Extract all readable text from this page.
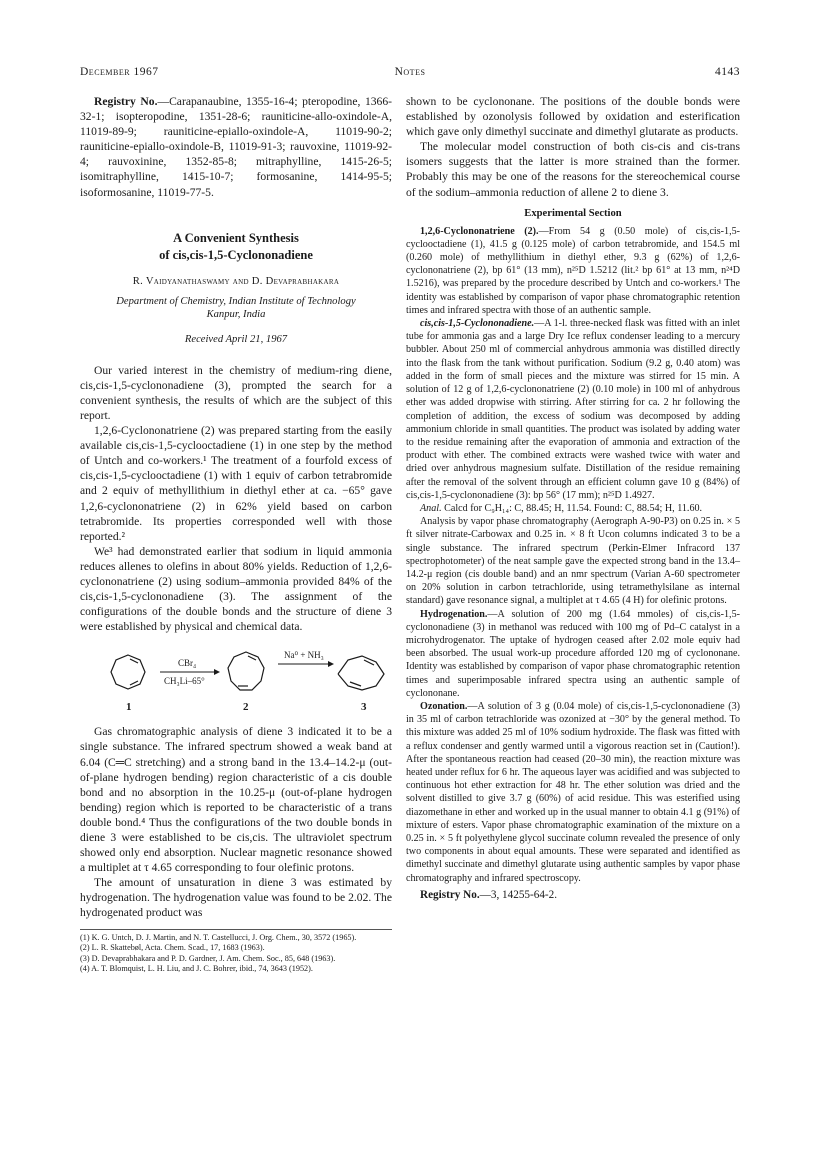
December 1967	Notes	4143

Registry No.—Carapanaubine, 1355-16-4; pteropodine, 1366-32-1; isopteropodine, 1351-28-6; rauniticine-allo-oxindole-A, 11019-89-9; rauniticine-epiallo-oxindole-A, 11019-90-2; rauniticine-epiallo-oxindole-B, 11019-91-3; rauvoxine, 11019-92-4; rauvoxinine, 1352-85-8; mitraphylline, 1415-26-5; isomitraphylline, 1415-10-7; formosanine, 1414-95-5; isoformosanine, 11019-77-5.

A Convenient Synthesis
of cis,cis-1,5-Cyclononadiene
R. Vaidyanathaswamy and D. Devaprabhakara
Department of Chemistry, Indian Institute of Technology
Kanpur, India
Received April 21, 1967

Our varied interest in the chemistry of medium-ring diene, cis,cis-1,5-cyclononadiene (3), prompted the search for a convenient synthesis, the results of which are the subject of this report.

1,2,6-Cyclononatriene (2) was prepared starting from the easily available cis,cis-1,5-cyclooctadiene (1) in one step by the method of Untch and co-workers.¹ The treatment of a fourfold excess of cis,cis-1,5-cyclooctadiene (1) with 1 equiv of carbon tetrabromide and 2 equiv of methyllithium in diethyl ether at ca. −65° gave 1,2,6-cyclononatriene (2) in 62% yield based on carbon tetrabromide. Its properties corresponded well with those reported.²

We³ had demonstrated earlier that sodium in liquid ammonia reduces allenes to olefins in about 80% yields. Reduction of 1,2,6-cyclononatriene (2) using sodium–ammonia provided 84% of the cis,cis-1,5-cyclononadiene (3). The assignment of the configurations of the double bonds and the structure of diene 3 were established by physical and chemical data.

1
CBr₄
CH₃Li–65°
2
Na⁰ + NH₃
3

Gas chromatographic analysis of diene 3 indicated it to be a single substance. The infrared spectrum showed a weak band at 6.04 (C═C stretching) and a strong band in the 13.4–14.2-μ (out-of-plane hydrogen bending) region characteristic of a cis double bond and no absorption in the 10.25-μ (out-of-plane hydrogen bending) region which is reported to be characteristic of a trans double bond.⁴ Thus the configurations of the two double bonds in diene 3 were established to be cis,cis. The ultraviolet spectrum showed only end absorption. Nuclear magnetic resonance showed a multiplet at τ 4.65 corresponding to four olefinic protons.

The amount of unsaturation in diene 3 was estimated by hydrogenation. The hydrogenation value was found to be 2.02. The hydrogenated product was

(1) K. G. Untch, D. J. Martin, and N. T. Castellucci, J. Org. Chem., 30, 3572 (1965).
(2) L. R. Skattebøl, Acta. Chem. Scad., 17, 1683 (1963).
(3) D. Devaprabhakara and P. D. Gardner, J. Am. Chem. Soc., 85, 648 (1963).
(4) A. T. Blomquist, L. H. Liu, and J. C. Bohrer, ibid., 74, 3643 (1952).

shown to be cyclononane. The positions of the double bonds were established by ozonolysis followed by oxidation and esterification which gave only dimethyl succinate and dimethyl glutarate as products.

The molecular model construction of both cis-cis and cis-trans isomers suggests that the latter is more strained than the former. Probably this may be one of the reasons for the stereochemical course of the sodium–ammonia reduction of allene 2 to diene 3.

Experimental Section

1,2,6-Cyclononatriene (2).—From 54 g (0.50 mole) of cis,cis-1,5-cyclooctadiene (1), 41.5 g (0.125 mole) of carbon tetrabromide, and 154.5 ml (0.260 mole) of methyllithium in diethyl ether, 9.3 g (62%) of 1,2,6-cyclononatriene (2), bp 61° (13 mm), n²⁵D 1.5212 (lit.² bp 61° at 13 mm, n²⁴D 1.5216), was prepared by the procedure described by Untch and co-workers.¹ The identity was established by comparison of vapor phase chromatographic retention times and infrared spectra with those of an authentic sample.

cis,cis-1,5-Cyclononadiene.—A 1-l. three-necked flask was fitted with an inlet tube for ammonia gas and a large Dry Ice reflux condenser leading to a mercury bubbler. About 250 ml of commercial anhydrous ammonia was distilled directly into the flask from the tank without purification. Sodium (9.2 g, 0.40 atom) was added in the form of small pieces and the mixture was stirred for 15 min. A solution of 12 g of 1,2,6-cyclononatriene (2) (0.10 mole) in 100 ml of anhydrous ether was added dropwise with stirring. After stirring for ca. 2 hr following the completion of addition, the excess of sodium was decomposed by adding ammonium chloride in small quantities. The product was isolated by adding water to the residue remaining after the evaporation of ammonia and extraction of the product with ether. The combined extracts were washed twice with water and dried over anhydrous magnesium sulfate. Distillation of the residue remaining after the removal of the solvent through an efficient column gave 10 g (84%) of cis,cis-1,5-cyclononadiene (3): bp 56° (17 mm); n²⁵D 1.4927.

Anal. Calcd for C₉H₁₄: C, 88.45; H, 11.54. Found: C, 88.54; H, 11.60.

Analysis by vapor phase chromatography (Aerograph A-90-P3) on 0.25 in. × 5 ft silver nitrate-Carbowax and 0.25 in. × 8 ft Ucon columns indicated 3 to be a single substance. The infrared spectrum (Perkin-Elmer Infracord 137 spectrophotometer) of the neat sample gave the expected strong band in the 13.4–14.2-μ region (cis double band) and an nmr spectrum (Varian A-60 spectrometer on 20% solution in carbon tetrachloride, using tetramethylsilane as internal standard) gave resonance signal, a multiplet at τ 4.65 (4 H) for olefinic protons.

Hydrogenation.—A solution of 200 mg (1.64 mmoles) of cis,cis-1,5-cyclononadiene (3) in methanol was reduced with 100 mg of Pd–C catalyst in a microhydrogenator. The uptake of hydrogen ceased after 2.02 mole equiv had been absorbed. The usual work-up procedure afforded 120 mg of cyclononane. Identity was established by comparison of vapor phase chromatographic retention times and superimposable infrared spectra using an authentic sample of cyclononane.

Ozonation.—A solution of 3 g (0.04 mole) of cis,cis-1,5-cyclononadiene (3) in 35 ml of carbon tetrachloride was ozonized at −30° by the general method. To this mixture was added 25 ml of 10% sodium hydroxide. The flask was fitted with a reflux condenser and gently warmed until a vigorous reaction set in (Caution!). After the spontaneous reaction had ceased (20–30 min), the reaction mixture was heated under reflux for 6 hr. The aqueous layer was acidified and was subjected to continuous hot ether extraction for 48 hr. The ether solution was dried and the solvent distilled to give 3.7 g (60%) of acid residue. This was esterified using diazomethane in ether and worked up in the usual manner to obtain 4.1 g (91%) of mixture of esters. Vapor phase chromatographic examination of the mixture on a 0.25 in. × 5 ft polyethylene glycol succinate column revealed the presence of only two components in about equal amounts. These were separated and identified as dimethyl succinate and dimethyl glutarate using authentic samples by vapor phase chromatography and infrared spectroscopy.

Registry No.—3, 14255-64-2.
